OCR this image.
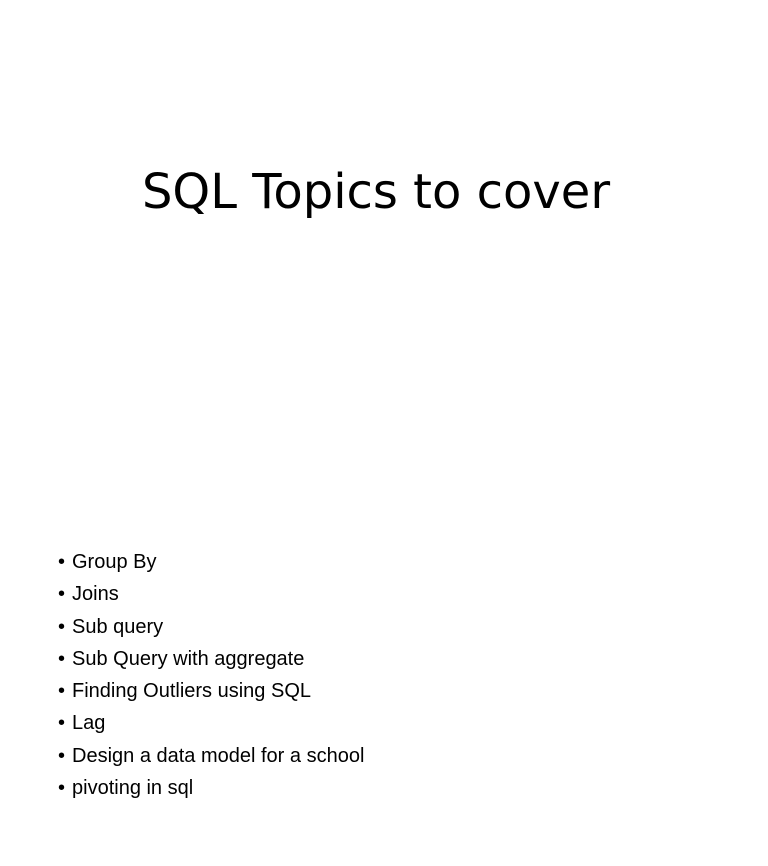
SQL Topics to cover
• Group By
• Joins
• Sub query
• Sub Query with aggregate
• Finding Outliers using SQL
• Lag
• Design a data model for a school
• pivoting in sql
